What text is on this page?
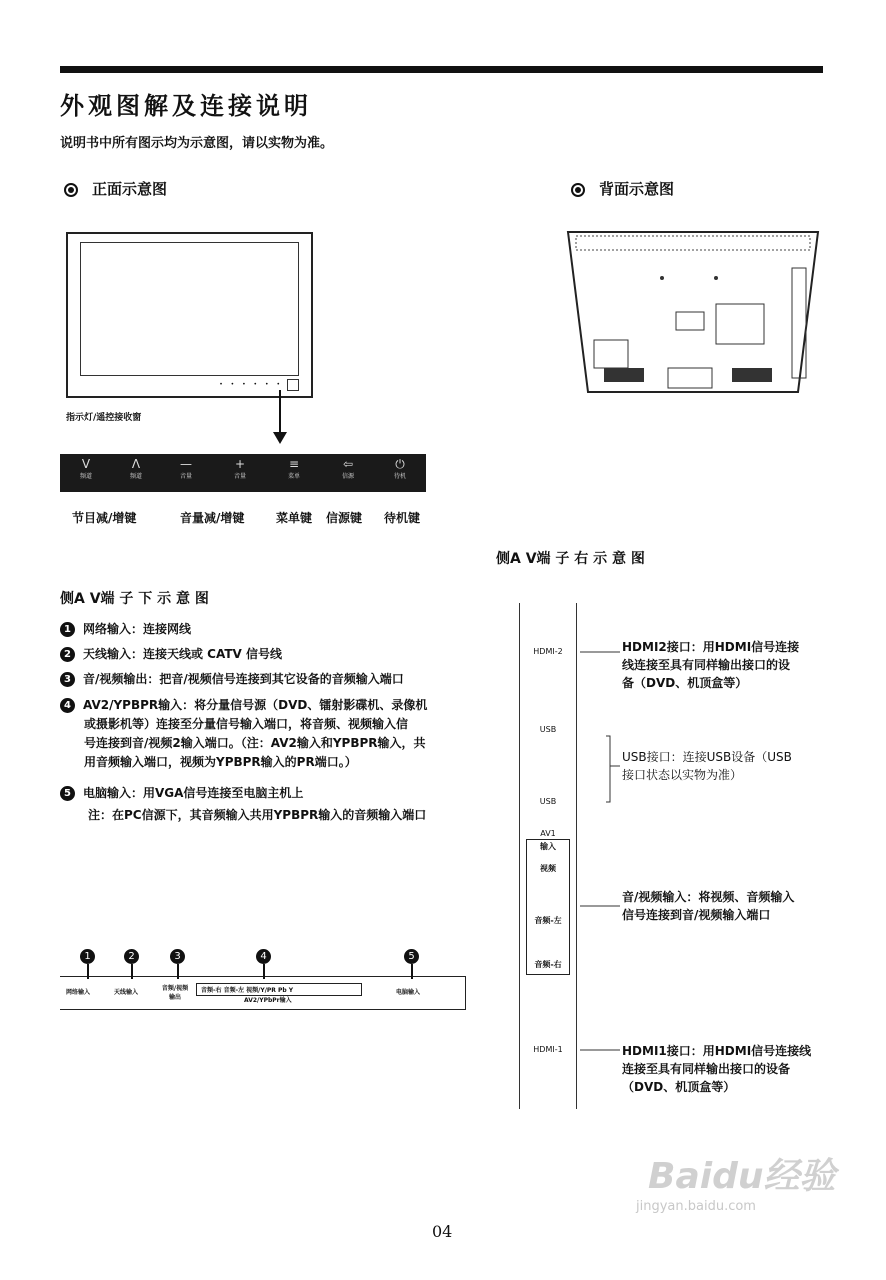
外观图解及连接说明
说明书中所有图示均为示意图，请以实物为准。
正面示意图
• • • • • •
指示灯/遥控接收窗
V
频道
Λ
频道
—
音量
+
音量
≡
菜单
⇦
信源
⏻
待机
节目减/增键	音量减/增键	菜单键 信源键 待机键
背面示意图
侧A V端 子 下 示 意 图
1 网络输入：连接网线
2 天线输入：连接天线或 CATV 信号线
3 音/视频输出：把音/视频信号连接到其它设备的音频输入端口
4 AV2/YPBPR输入：将分量信号源（DVD、镭射影碟机、录像机
或摄影机等）连接至分量信号输入端口，将音频、视频输入信
号连接到音/视频2输入端口。（注：AV2输入和YPBPR输入，共
用音频输入端口，视频为YPBPR输入的PR端口。）
5 电脑输入：用VGA信号连接至电脑主机上
注：在PC信源下，其音频输入共用YPBPR输入的音频输入端口
1	2	3	4	5
网络输入	天线输入
音频/视频输出
音频-右 音频-左 视频/Y/PR Pb Y
AV2/YPbPr输入
电脑输入
侧A V端 子 右 示 意 图
HDMI-2
USB
USB
AV1
输入
视频
音频-左
音频-右
HDMI-1
HDMI2接口：用HDMI信号连接
线连接至具有同样输出接口的设
备（DVD、机顶盒等）
USB接口：连接USB设备（USB
接口状态以实物为准）
音/视频输入：将视频、音频输入
信号连接到音/视频输入端口
HDMI1接口：用HDMI信号连接线
连接至具有同样输出接口的设备
（DVD、机顶盒等）
04
Baidu经验
jingyan.baidu.com
